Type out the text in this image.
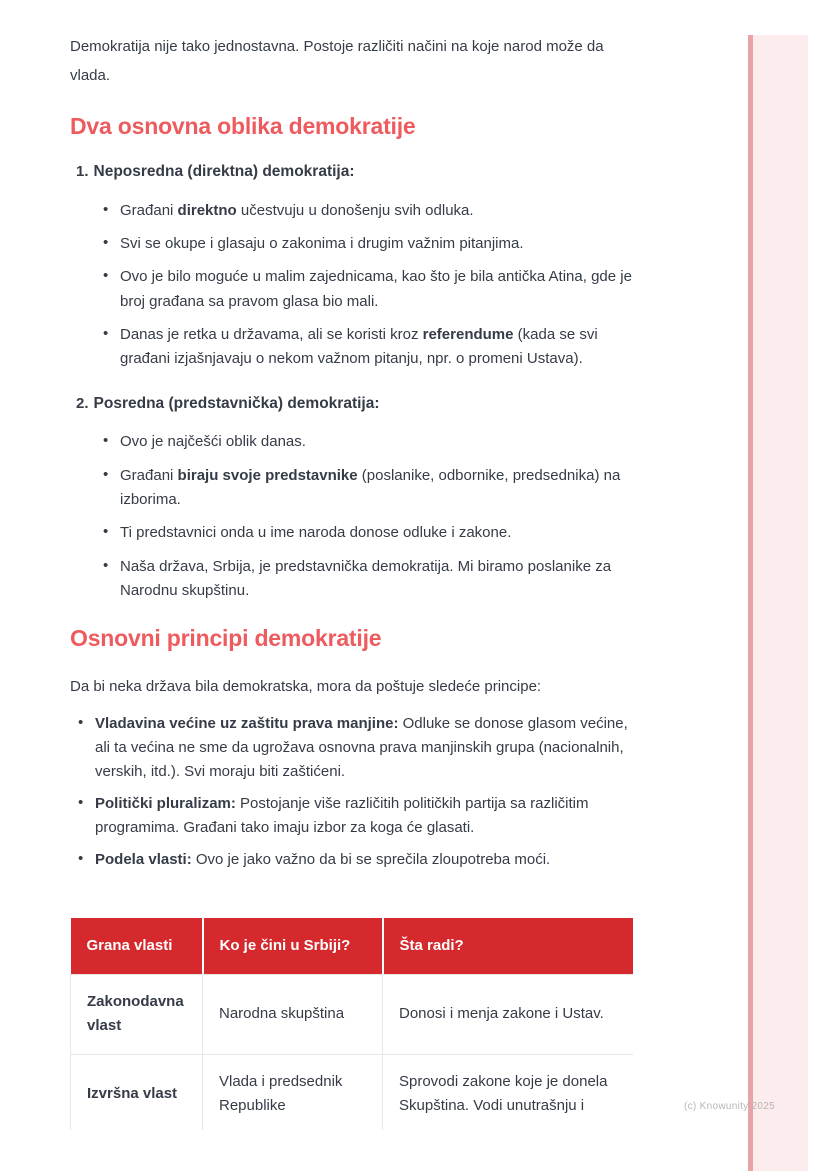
Demokratija nije tako jednostavna. Postoje različiti načini na koje narod može da vlada.

Dva osnovna oblika demokratije
1. Neposredna (direktna) demokratija:
• Građani direktno učestvuju u donošenju svih odluka.
• Svi se okupe i glasaju o zakonima i drugim važnim pitanjima.
• Ovo je bilo moguće u malim zajednicama, kao što je bila antička Atina, gde je broj građana sa pravom glasa bio mali.
• Danas je retka u državama, ali se koristi kroz referendume (kada se svi građani izjašnjavaju o nekom važnom pitanju, npr. o promeni Ustava).
2. Posredna (predstavnička) demokratija:
• Ovo je najčešći oblik danas.
• Građani biraju svoje predstavnike (poslanike, odbornike, predsednika) na izborima.
• Ti predstavnici onda u ime naroda donose odluke i zakone.
• Naša država, Srbija, je predstavnička demokratija. Mi biramo poslanike za Narodnu skupštinu.
Osnovni principi demokratije

Da bi neka država bila demokratska, mora da poštuje sledeće principe:

• Vladavina većine uz zaštitu prava manjine: Odluke se donose glasom većine, ali ta većina ne sme da ugrožava osnovna prava manjinskih grupa (nacionalnih, verskih, itd.). Svi moraju biti zaštićeni.
• Politički pluralizam: Postojanje više različitih političkih partija sa različitim programima. Građani tako imaju izbor za koga će glasati.
• Podela vlasti: Ovo je jako važno da bi se sprečila zloupotreba moći.
Grana vlasti	Ko je čini u Srbiji?	Šta radi?
Zakonodavna vlast	Narodna skupština	Donosi i menja zakone i Ustav.
Izvršna vlast	Vlada i predsednik Republike	Sprovodi zakone koje je donela Skupština. Vodi unutrašnju i	(c) Knowunity 2025
